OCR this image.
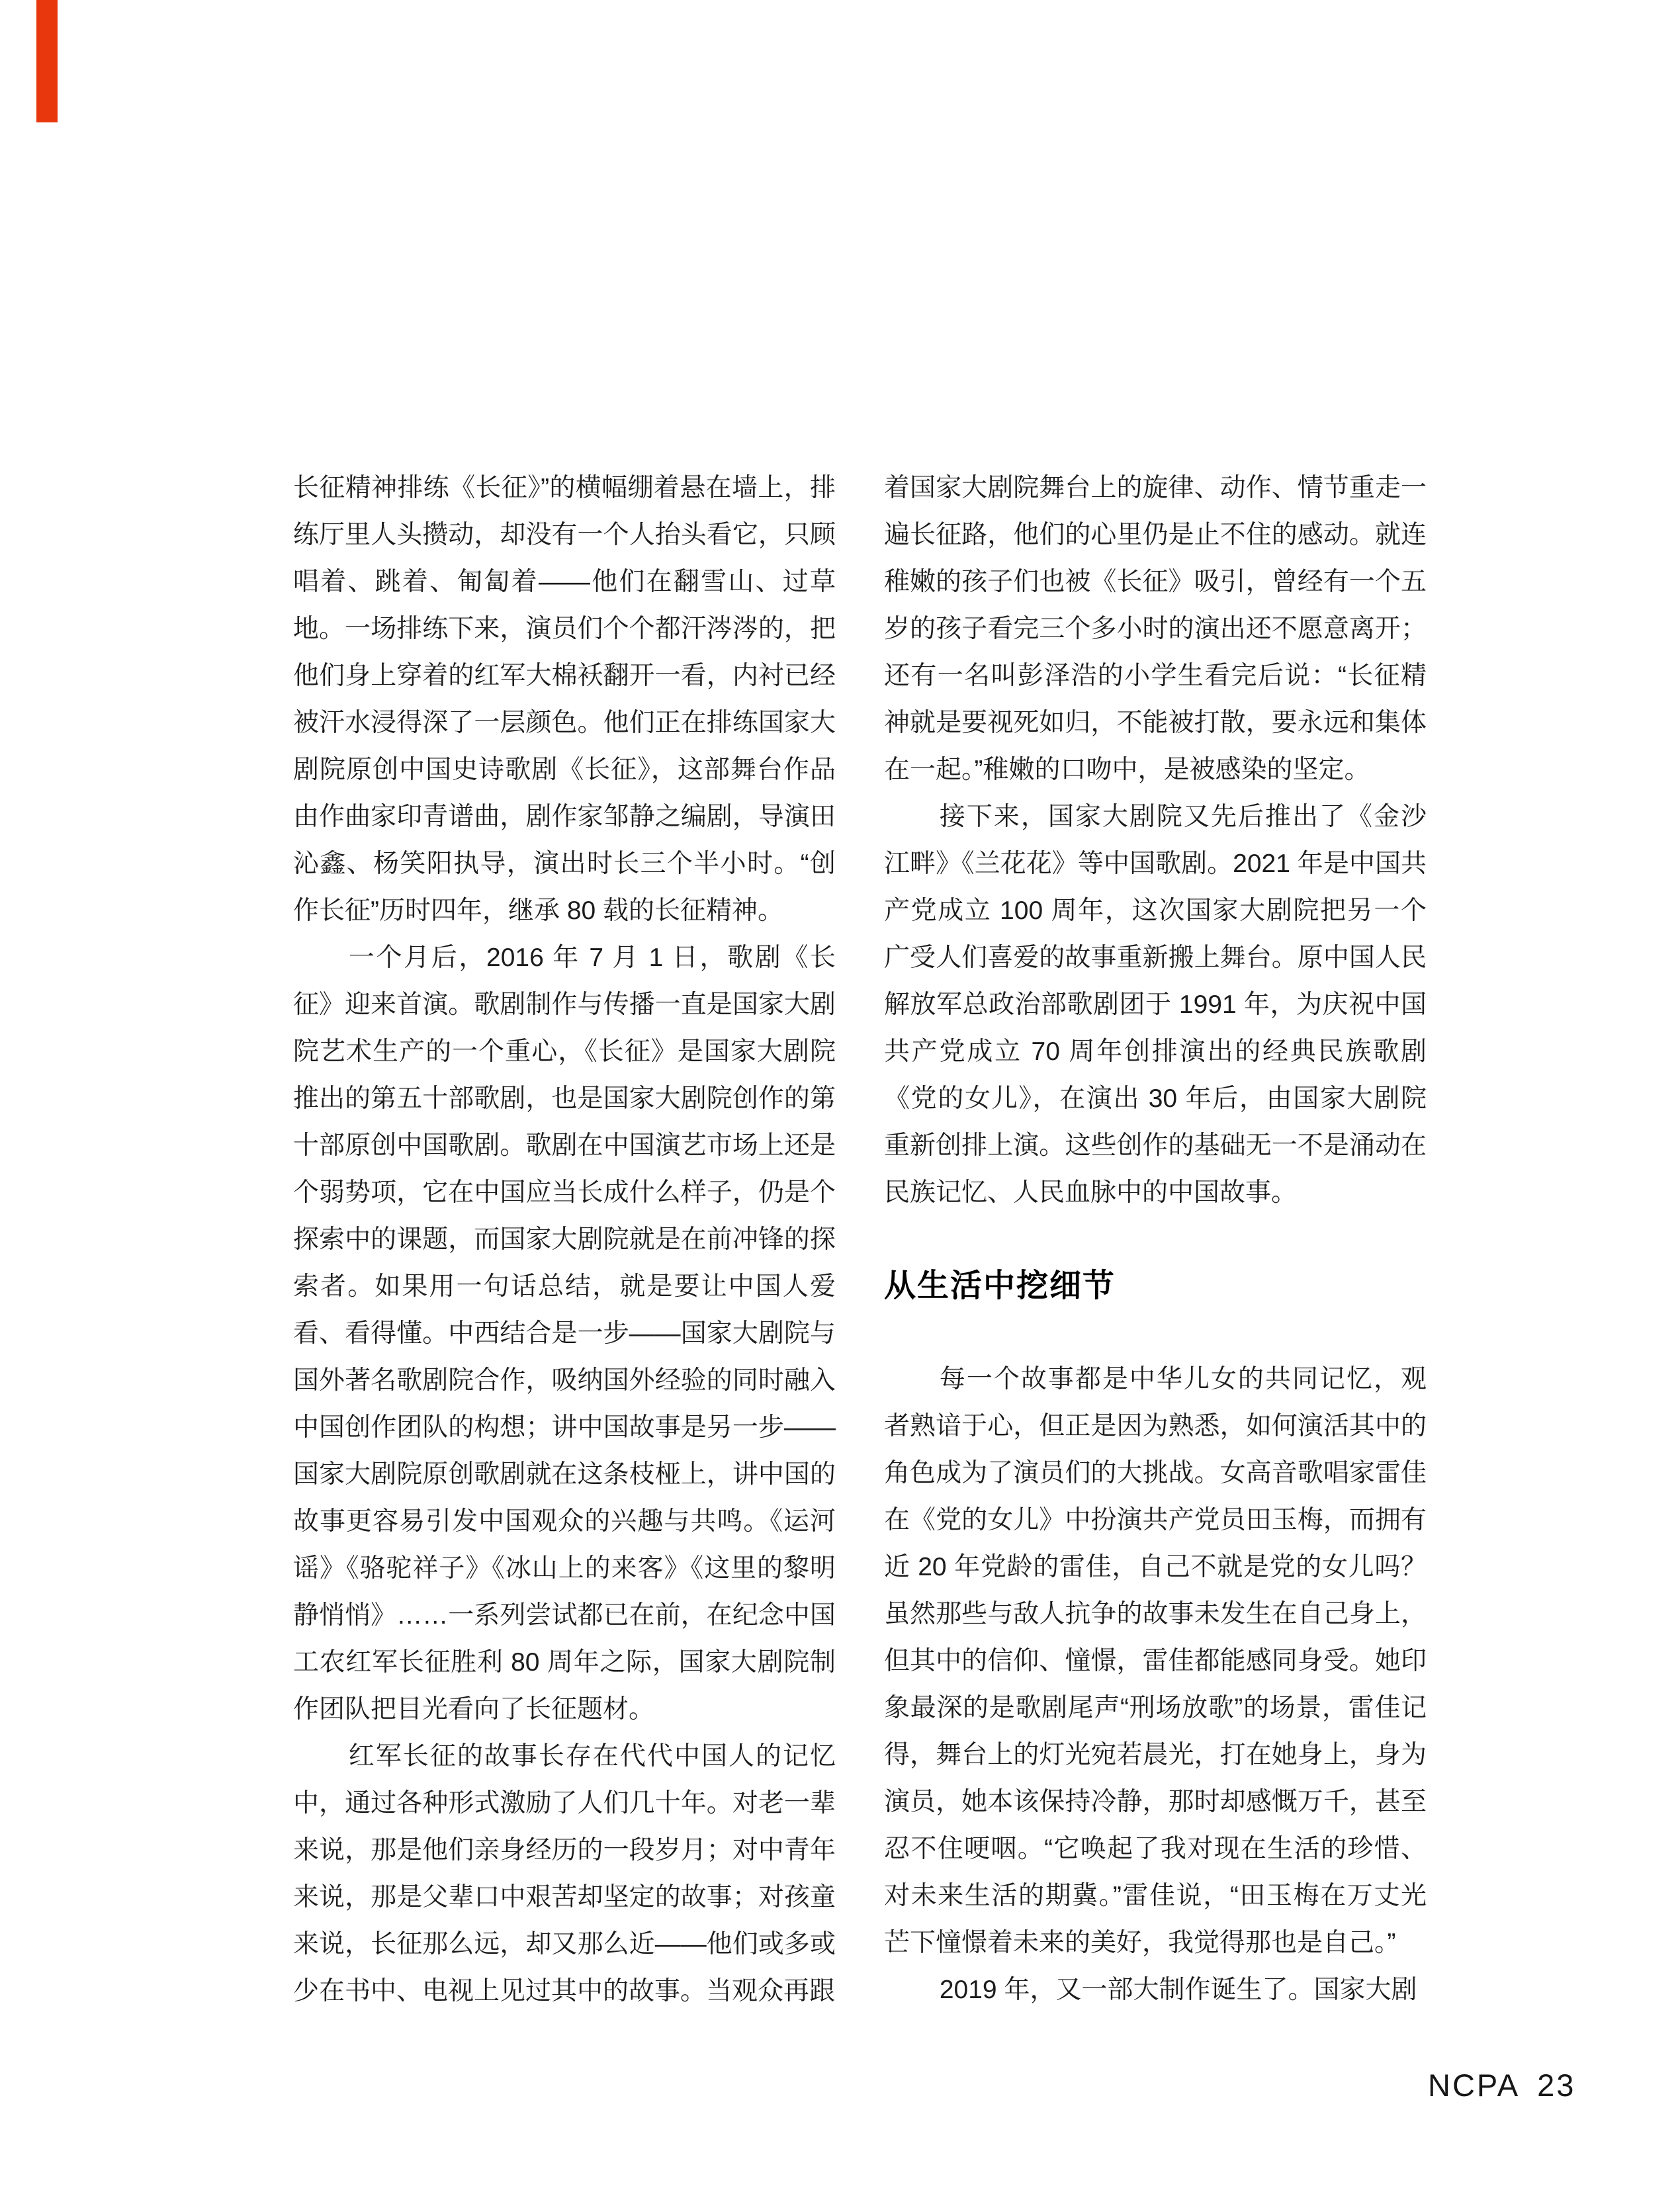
长征精神排练《长征》”的横幅绷着悬在墙上，排练厅里人头攒动，却没有一个人抬头看它，只顾唱着、跳着、匍匐着——他们在翻雪山、过草地。一场排练下来，演员们个个都汗涔涔的，把他们身上穿着的红军大棉袄翻开一看，内衬已经被汗水浸得深了一层颜色。他们正在排练国家大剧院原创中国史诗歌剧《长征》，这部舞台作品由作曲家印青谱曲，剧作家邹静之编剧，导演田沁鑫、杨笑阳执导，演出时长三个半小时。“创作长征”历时四年，继承 80 载的长征精神。

一个月后，2016 年 7 月 1 日，歌剧《长征》迎来首演。歌剧制作与传播一直是国家大剧院艺术生产的一个重心，《长征》是国家大剧院推出的第五十部歌剧，也是国家大剧院创作的第十部原创中国歌剧。歌剧在中国演艺市场上还是个弱势项，它在中国应当长成什么样子，仍是个探索中的课题，而国家大剧院就是在前冲锋的探索者。如果用一句话总结，就是要让中国人爱看、看得懂。中西结合是一步——国家大剧院与国外著名歌剧院合作，吸纳国外经验的同时融入中国创作团队的构想；讲中国故事是另一步——国家大剧院原创歌剧就在这条枝桠上，讲中国的故事更容易引发中国观众的兴趣与共鸣。《运河谣》《骆驼祥子》《冰山上的来客》《这里的黎明静悄悄》……一系列尝试都已在前，在纪念中国工农红军长征胜利 80 周年之际，国家大剧院制作团队把目光看向了长征题材。

红军长征的故事长存在代代中国人的记忆中，通过各种形式激励了人们几十年。对老一辈来说，那是他们亲身经历的一段岁月；对中青年来说，那是父辈口中艰苦却坚定的故事；对孩童来说，长征那么远，却又那么近——他们或多或少在书中、电视上见过其中的故事。当观众再跟

着国家大剧院舞台上的旋律、动作、情节重走一遍长征路，他们的心里仍是止不住的感动。就连稚嫩的孩子们也被《长征》吸引，曾经有一个五岁的孩子看完三个多小时的演出还不愿意离开；还有一名叫彭泽浩的小学生看完后说：“长征精神就是要视死如归，不能被打散，要永远和集体在一起。”稚嫩的口吻中，是被感染的坚定。

接下来，国家大剧院又先后推出了《金沙江畔》《兰花花》等中国歌剧。2021 年是中国共产党成立 100 周年，这次国家大剧院把另一个广受人们喜爱的故事重新搬上舞台。原中国人民解放军总政治部歌剧团于 1991 年，为庆祝中国共产党成立 70 周年创排演出的经典民族歌剧《党的女儿》，在演出 30 年后，由国家大剧院重新创排上演。这些创作的基础无一不是涌动在民族记忆、人民血脉中的中国故事。

从生活中挖细节

每一个故事都是中华儿女的共同记忆，观者熟谙于心，但正是因为熟悉，如何演活其中的角色成为了演员们的大挑战。女高音歌唱家雷佳在《党的女儿》中扮演共产党员田玉梅，而拥有近 20 年党龄的雷佳，自己不就是党的女儿吗？虽然那些与敌人抗争的故事未发生在自己身上，但其中的信仰、憧憬，雷佳都能感同身受。她印象最深的是歌剧尾声“刑场放歌”的场景，雷佳记得，舞台上的灯光宛若晨光，打在她身上，身为演员，她本该保持冷静，那时却感慨万千，甚至忍不住哽咽。“它唤起了我对现在生活的珍惜、对未来生活的期冀。”雷佳说，“田玉梅在万丈光芒下憧憬着未来的美好，我觉得那也是自己。”

2019 年，又一部大制作诞生了。国家大剧

NCPA 23
